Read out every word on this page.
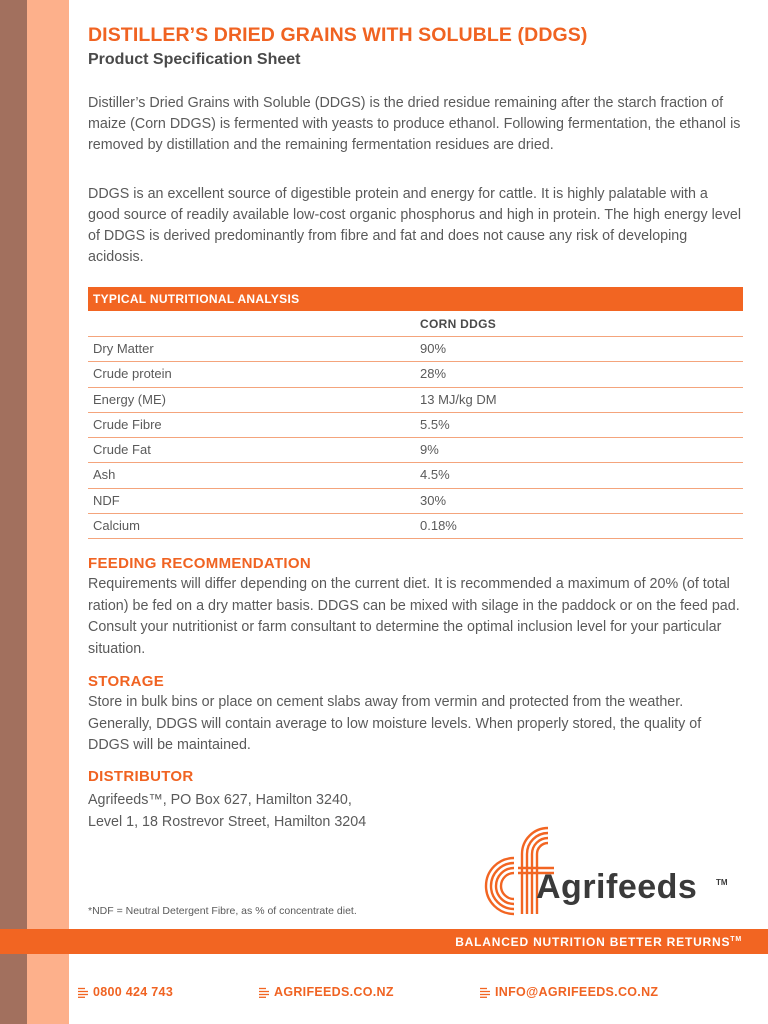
DISTILLER’S DRIED GRAINS WITH SOLUBLE (DDGS)
Product Specification Sheet

Distiller’s Dried Grains with Soluble (DDGS) is the dried residue remaining after the starch fraction of maize (Corn DDGS) is fermented with yeasts to produce ethanol. Following fermentation, the ethanol is removed by distillation and the remaining fermentation residues are dried.

DDGS is an excellent source of digestible protein and energy for cattle. It is highly palatable with a good source of readily available low-cost organic phosphorus and high in protein. The high energy level of DDGS is derived predominantly from fibre and fat and does not cause any risk of developing acidosis.

TYPICAL NUTRITIONAL ANALYSIS
CORN DDGS
Dry Matter	90%
Crude protein	28%
Energy (ME)	13 MJ/kg DM
Crude Fibre	5.5%
Crude Fat	9%
Ash	4.5%
NDF	30%
Calcium	0.18%
FEEDING RECOMMENDATION

Requirements will differ depending on the current diet. It is recommended a maximum of 20% (of total ration) be fed on a dry matter basis. DDGS can be mixed with silage in the paddock or on the feed pad. Consult your nutritionist or farm consultant to determine the optimal inclusion level for your particular situation.

STORAGE

Store in bulk bins or place on cement slabs away from vermin and protected from the weather. Generally, DDGS will contain average to low moisture levels. When properly stored, the quality of DDGS will be maintained.

DISTRIBUTOR

Agrifeeds™, PO Box 627, Hamilton 3240,
Level 1, 18 Rostrevor Street, Hamilton 3204

Agrifeeds TM
*NDF = Neutral Detergent Fibre, as % of concentrate diet.
BALANCED NUTRITION BETTER RETURNS™
0800 424 743	AGRIFEEDS.CO.NZ	INFO@AGRIFEEDS.CO.NZ
